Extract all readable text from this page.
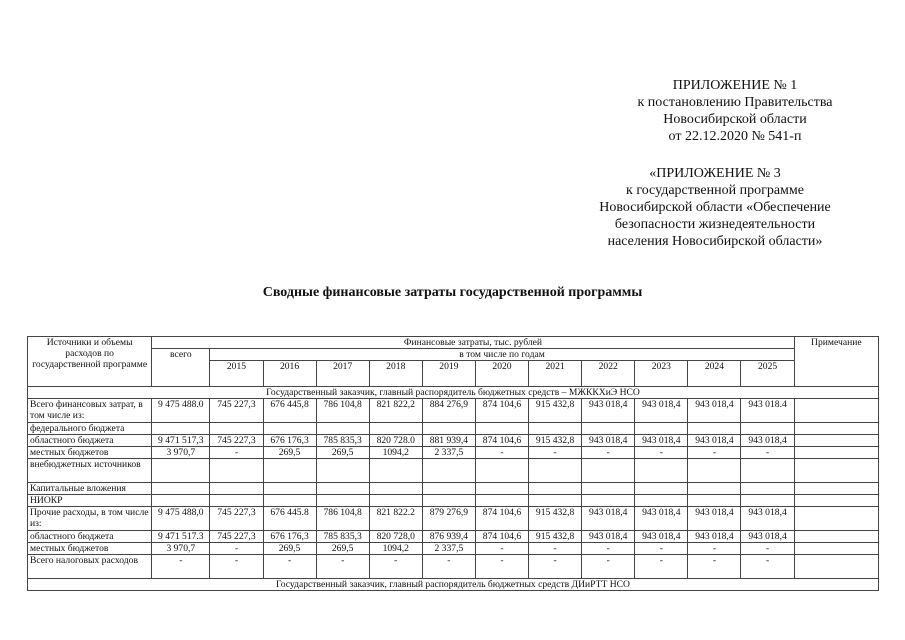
ПРИЛОЖЕНИЕ № 1
к постановлению Правительства
Новосибирской области
от 22.12.2020 № 541-п
«ПРИЛОЖЕНИЕ № 3
к государственной программе
Новосибирской области «Обеспечение
безопасности жизнедеятельности
населения Новосибирской области»
Сводные финансовые затраты государственной программы
Источники и объемы расходов по государственной программе	Финансовые затраты, тыс. рублей												Примечание
	всего	в том числе по годам											
		2015	2016	2017	2018	2019	2020	2021	2022	2023	2024	2025	
Государственный заказчик, главный распорядитель бюджетных средств – МЖККХиЭ НСО													
Всего финансовых затрат, в том числе из:	9 475 488.0	745 227,3	676 445,8	786 104,8	821 822,2	884 276,9	874 104,6	915 432,8	943 018,4	943 018,4	943 018,4	943 018.4	
федерального бюджета													
областного бюджета	9 471 517,3	745 227,3	676 176,3	785 835,3	820 728.0	881 939,4	874 104,6	915 432,8	943 018,4	943 018,4	943 018,4	943 018,4	
местных бюджетов	3 970,7	-	269,5	269,5	1094,2	2 337,5	-	-	-	-	-	-	
внебюджетных источников													
Капитальные вложения													
НИОКР													
Прочие расходы, в том числе из:	9 475 488,0	745 227,3	676 445.8	786 104,8	821 822.2	879 276,9	874 104,6	915 432,8	943 018,4	943 018,4	943 018,4	943 018,4	
областного бюджета	9 471 517.3	745 227,3	676 176,3	785 835,3	820 728,0	876 939,4	874 104,6	915 432,8	943 018,4	943 018,4	943 018,4	943 018,4	
местных бюджетов	3 970,7	-	269,5	269,5	1094,2	2 337,5	-	-	-	-	-	-	
Всего налоговых расходов	-	-	-	-	-	-	-	-	-	-	-	-	
Государственный заказчик, главный распорядитель бюджетных средств ДИиРТТ НСО													
